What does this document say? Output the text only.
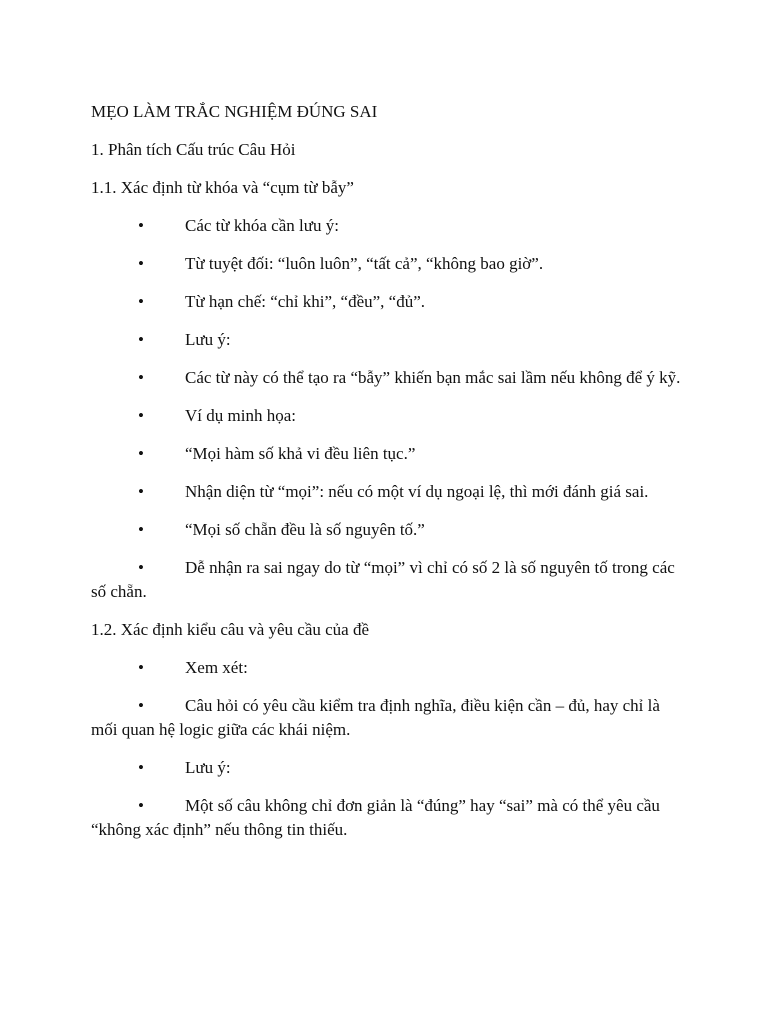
MẸO LÀM TRẮC NGHIỆM ĐÚNG SAI

1. Phân tích Cấu trúc Câu Hỏi

1.1. Xác định từ khóa và “cụm từ bẫy”

• Các từ khóa cần lưu ý:

• Từ tuyệt đối: “luôn luôn”, “tất cả”, “không bao giờ”.

• Từ hạn chế: “chỉ khi”, “đều”, “đủ”.

• Lưu ý:

• Các từ này có thể tạo ra “bẫy” khiến bạn mắc sai lầm nếu không để ý kỹ.

• Ví dụ minh họa:

• “Mọi hàm số khả vi đều liên tục.”

• Nhận diện từ “mọi”: nếu có một ví dụ ngoại lệ, thì mới đánh giá sai.

• “Mọi số chẵn đều là số nguyên tố.”

• Dễ nhận ra sai ngay do từ “mọi” vì chỉ có số 2 là số nguyên tố trong các số chẵn.

1.2. Xác định kiểu câu và yêu cầu của đề

• Xem xét:

• Câu hỏi có yêu cầu kiểm tra định nghĩa, điều kiện cần – đủ, hay chỉ là mối quan hệ logic giữa các khái niệm.

• Lưu ý:

• Một số câu không chỉ đơn giản là “đúng” hay “sai” mà có thể yêu cầu “không xác định” nếu thông tin thiếu.
